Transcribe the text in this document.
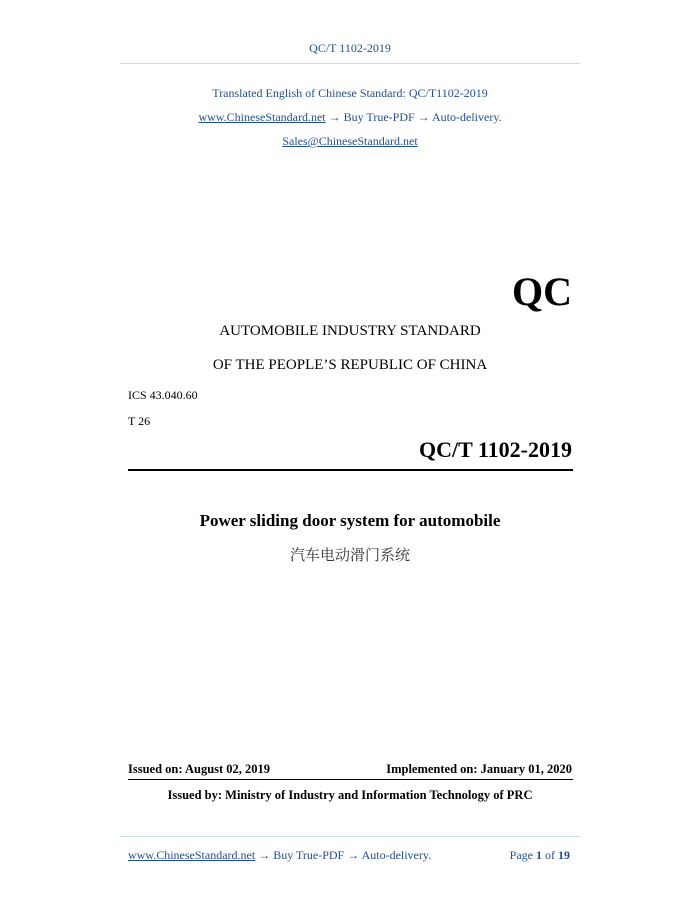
QC/T 1102-2019
Translated English of Chinese Standard: QC/T1102-2019
www.ChineseStandard.net → Buy True-PDF → Auto-delivery.
Sales@ChineseStandard.net
QC
AUTOMOBILE INDUSTRY STANDARD
OF THE PEOPLE’S REPUBLIC OF CHINA
ICS 43.040.60
T 26
QC/T 1102-2019
Power sliding door system for automobile
汽车电动滑门系统
Issued on: August 02, 2019	Implemented on: January 01, 2020
Issued by: Ministry of Industry and Information Technology of PRC
www.ChineseStandard.net → Buy True-PDF → Auto-delivery.	Page 1 of 19
